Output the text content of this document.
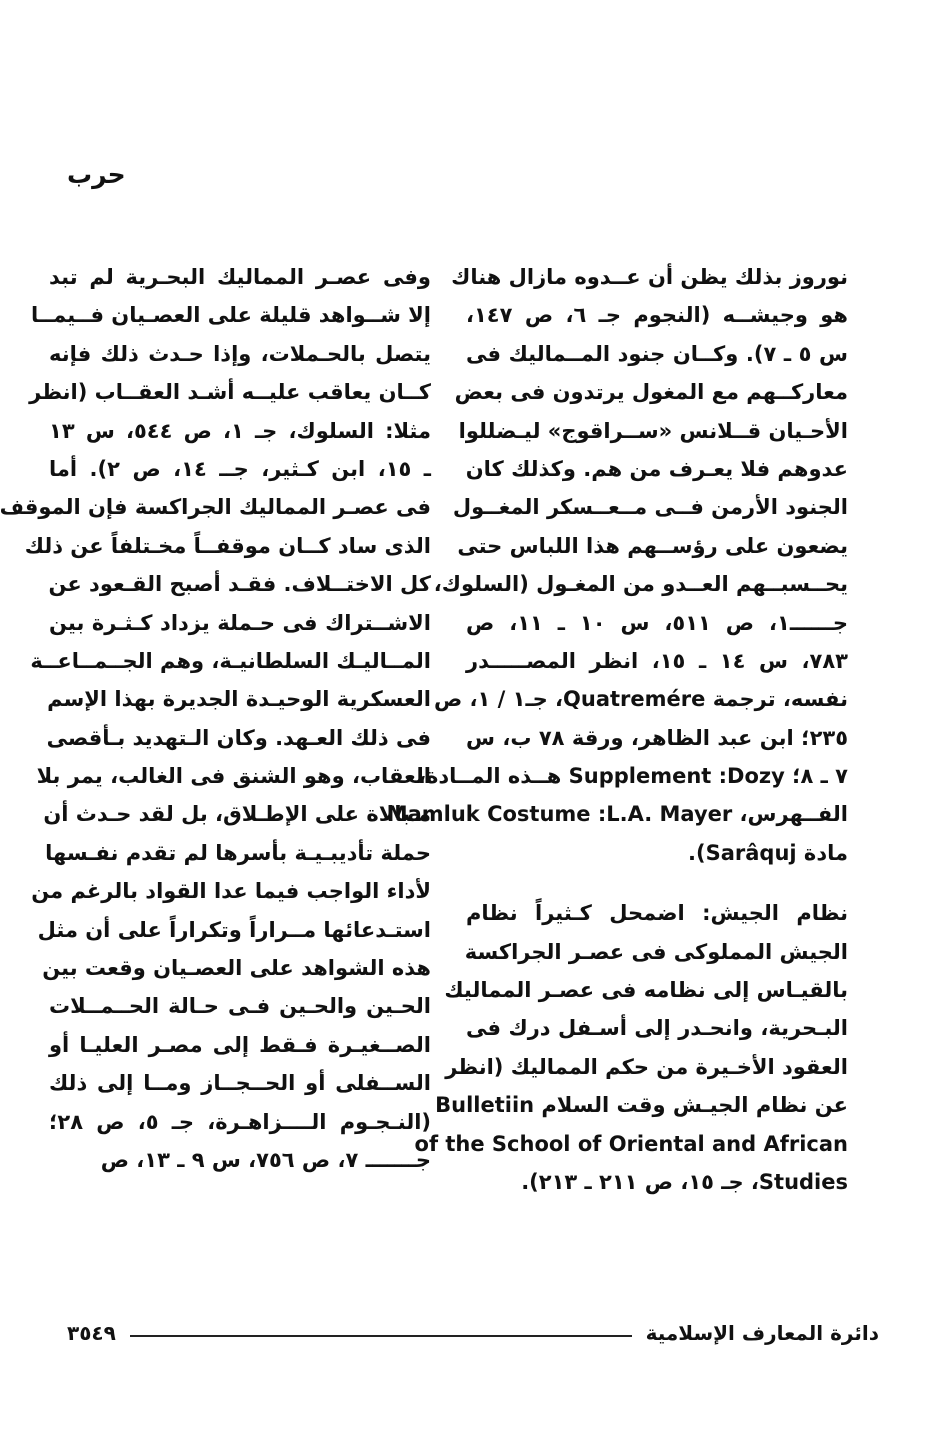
حرب
نوروز بذلك يظن أن عــدوه مازال هناك
هو وجيشــه (النجوم جـ ٦، ص ١٤٧،
س ٥ ـ ٧). وكــان جنود المــماليك فى
معاركــهم مع المغول يرتدون فى بعض
الأحـيان قــلانس «ســراقوج» ليـضللوا
عدوهم فلا يعـرف من هم. وكذلك كان
الجنود الأرمن فــى مــعــسكر المغــول
يضعون على رؤســهم هذا اللباس حتى
يحــسبــهم العــدو من المغـول (السلوك،
جــــــ١، ص ٥١١، س ١٠ ـ ١١، ص
٧٨٣، س ١٤ ـ ١٥، انظر المصـــــدر
نفسه، ترجمة Quatremére، جـ١ / ١، ص
٢٣٥؛ ابن عبد الظاهر، ورقة ٧٨ ب، س
٧ ـ ٨؛ Supplement :Dozy هــذه المــادة،
الفــهرس، Mamluk Costume :L.A. Mayer
مادة Sarâquj).
نظام الجيش: اضمحل كـثيراً نظام
الجيش المملوكى فى عصـر الجراكسة
بالقيـاس إلى نظامه فى عصـر المماليك
البـحرية، وانحـدر إلى أسـفل درك فى
العقود الأخـيرة من حكم المماليك (انظر
عن نظام الجيـش وقت السلام Bulletiin
of the School of Oriental and African
Studies، جـ ١٥، ص ٢١١ ـ ٢١٣).
وفى عصـر المماليك البحـرية لم تبد
إلا شــواهد قليلة على العصـيان فــيمــا
يتصل بالحـملات، وإذا حـدث ذلك فإنه
كــان يعاقب عليــه أشـد العقــاب (انظر
مثلا: السلوك، جـ ١، ص ٥٤٤، س ١٣
ـ ١٥، ابن كـثير، جــ ١٤، ص ٢). أما
فى عصـر المماليك الجراكسة فإن الموقف
الذى ساد كــان موقفــاً مخـتلفاً عن ذلك
كل الاختــلاف. فقـد أصبح القـعود عن
الاشــتراك فى حـملة يزداد كـثـرة بين
المــاليـك السلطانيـة، وهم الجــمــاعــة
العسكرية الوحيـدة الجديرة بهذا الإسم
فى ذلك العـهد. وكان الـتهديد بـأقصى
العقاب، وهو الشنق فى الغالب، يمر بلا
مـبالاة على الإطـلاق، بل لقد حـدث أن
حملة تأديبـيـة بأسرها لم تقدم نفـسها
لأداء الواجب فيما عدا القواد بالرغم من
استـدعائها مــراراً وتكراراً على أن مثل
هذه الشواهد على العصـيان وقعت بين
الحـين والحـين فـى حـالة الحــمــلات
الصــغيـرة فـقط إلى مصـر العليـا أو
الســفلى أو الحــجــاز ومــا إلى ذلك
(النـجـوم الــــزاهـرة، جـ ٥، ص ٢٨؛
جـــــــ ٧، ص ٧٥٦، س ٩ ـ ١٣، ص
دائرة المعارف الإسلامية
٣٥٤٩
